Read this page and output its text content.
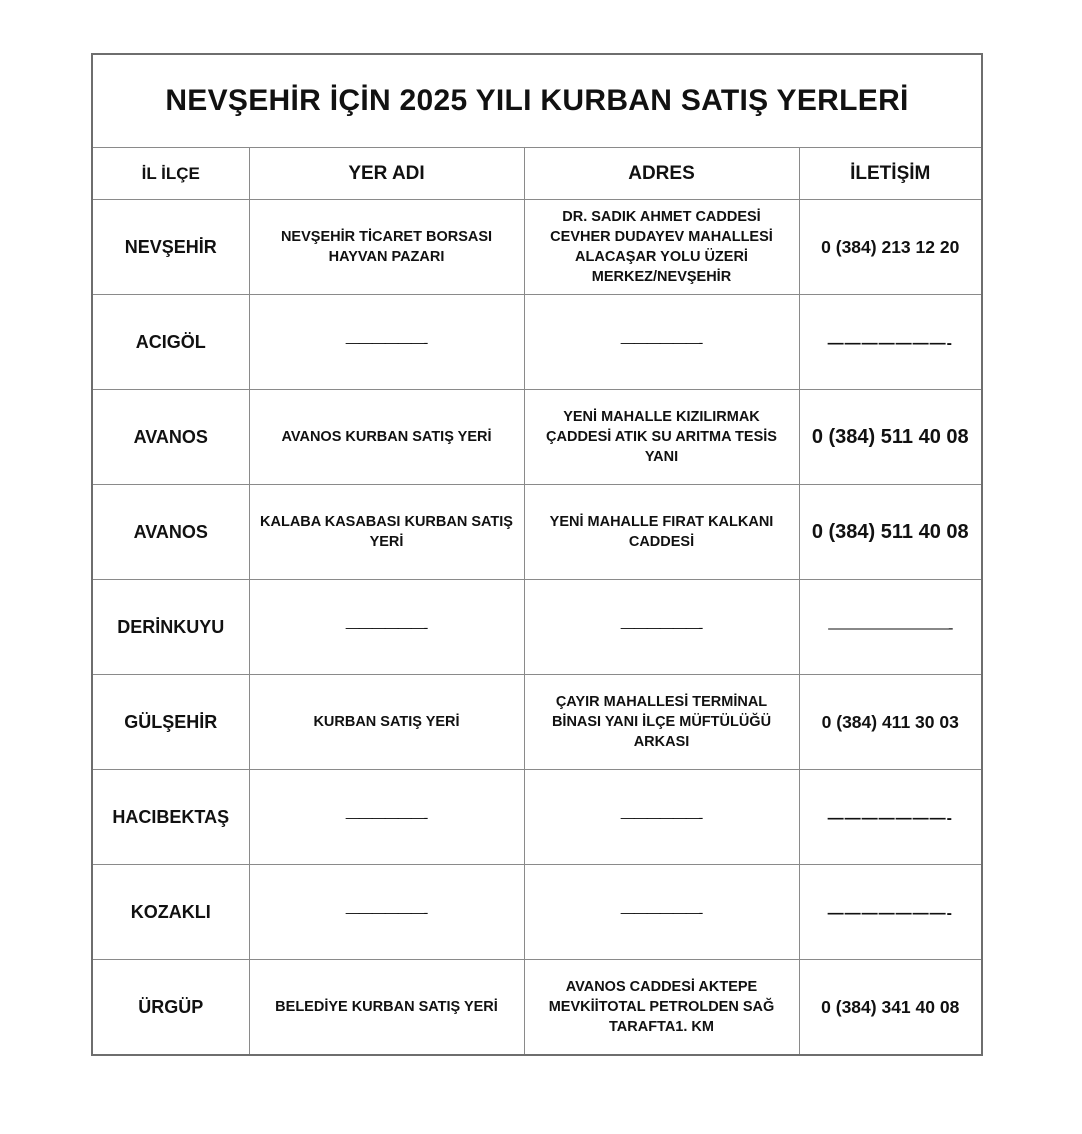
NEVŞEHİR İÇİN 2025 YILI KURBAN SATIŞ YERLERİ			
İL İLÇE	YER ADI	ADRES	İLETİŞİM
NEVŞEHİR	NEVŞEHİR TİCARET BORSASI HAYVAN PAZARI	DR. SADIK AHMET CADDESİ CEVHER DUDAYEV MAHALLESİ ALACAŞAR YOLU ÜZERİ MERKEZ/NEVŞEHİR	0 (384) 213 12 20
ACIGÖL	——————-	——————-	———————-
AVANOS	AVANOS KURBAN SATIŞ YERİ	YENİ MAHALLE KIZILIRMAK ÇADDESİ ATIK SU ARITMA TESİS YANI	0 (384) 511 40 08
AVANOS	KALABA KASABASI KURBAN SATIŞ YERİ	YENİ MAHALLE FIRAT KALKANI CADDESİ	0 (384) 511 40 08
DERİNKUYU	——————-	——————-	————————-
GÜLŞEHİR	KURBAN SATIŞ YERİ	ÇAYIR MAHALLESİ TERMİNAL BİNASI YANI İLÇE MÜFTÜLÜĞÜ ARKASI	0 (384) 411 30 03
HACIBEKTAŞ	——————-	——————-	———————-
KOZAKLI	——————-	——————-	———————-
ÜRGÜP	BELEDİYE KURBAN SATIŞ YERİ	AVANOS CADDESİ AKTEPE MEVKİİTOTAL PETROLDEN SAĞ TARAFTA1. KM	0 (384) 341 40 08
